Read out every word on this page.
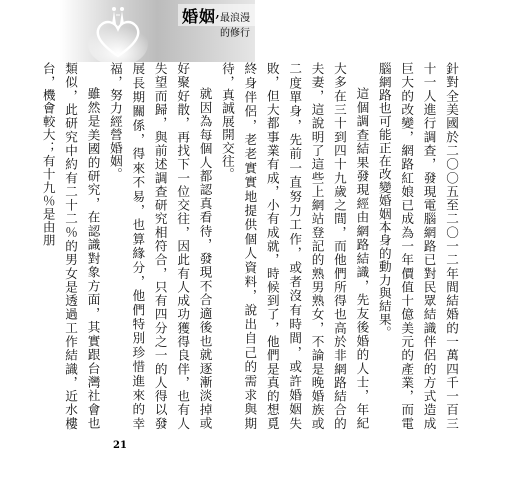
婚姻
, 最浪漫的修行

針對全美國於二〇〇五至二〇一二年間結婚的一萬四千一百三十一人進行調查，發現電腦網路已對民眾結識伴侶的方式造成巨大的改變，網路紅娘已成為一年價值十億美元的產業，而電腦網路也可能正在改變婚姻本身的動力與結果。

這個調查結果發現經由網路結識，先友後婚的人士，年紀大多在三十到四十九歲之間，而他們所得也高於非網路結合的夫妻，這說明了這些上網站登記的熟男熟女，不論是晚婚族或二度單身，先前一直努力工作，或者沒有時間，或許婚姻失敗，但大都事業有成，小有成就，時候到了，他們是真的想覓終身伴侶，老老實實地提供個人資料，說出自己的需求與期待，真誠展開交往。

就因為每個人都認真看待，發現不合適後也就逐漸淡掉或好聚好散，再找下一位交往，因此有人成功獲得良伴，也有人失望而歸，與前述調查研究相符合，只有四分之一的人得以發展長期關係，得來不易，也算緣分，他們特別珍惜進來的幸福，努力經營婚姻。

雖然是美國的研究，在認識對象方面，其實跟台灣社會也類似，此研究中約有二十二％的男女是透過工作結識，近水樓台，機會較大；有十九％是由朋

21
